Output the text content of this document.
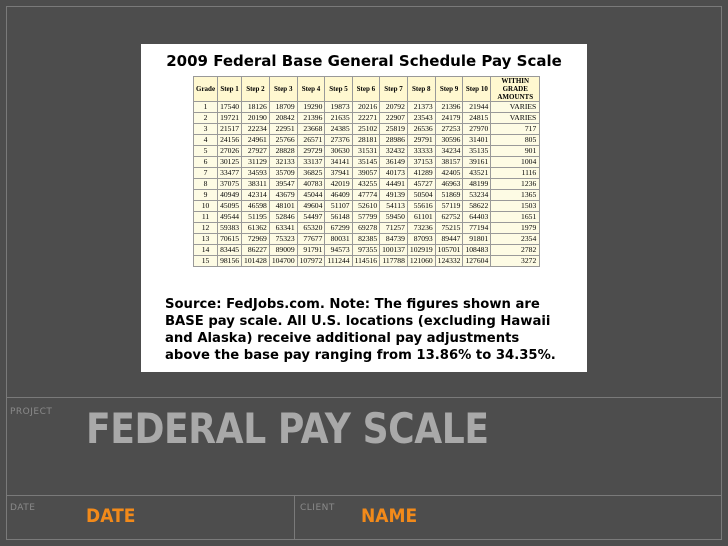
2009 Federal Base General Schedule Pay Scale
Grade	Step 1	Step 2	Step 3	Step 4	Step 5	Step 6	Step 7	Step 8	Step 9	Step 10	WITHIN GRADE AMOUNTS
1	17540	18126	18709	19290	19873	20216	20792	21373	21396	21944	VARIES
2	19721	20190	20842	21396	21635	22271	22907	23543	24179	24815	VARIES
3	21517	22234	22951	23668	24385	25102	25819	26536	27253	27970	717
4	24156	24961	25766	26571	27376	28181	28986	29791	30596	31401	805
5	27026	27927	28828	29729	30630	31531	32432	33333	34234	35135	901
6	30125	31129	32133	33137	34141	35145	36149	37153	38157	39161	1004
7	33477	34593	35709	36825	37941	39057	40173	41289	42405	43521	1116
8	37075	38311	39547	40783	42019	43255	44491	45727	46963	48199	1236
9	40949	42314	43679	45044	46409	47774	49139	50504	51869	53234	1365
10	45095	46598	48101	49604	51107	52610	54113	55616	57119	58622	1503
11	49544	51195	52846	54497	56148	57799	59450	61101	62752	64403	1651
12	59383	61362	63341	65320	67299	69278	71257	73236	75215	77194	1979
13	70615	72969	75323	77677	80031	82385	84739	87093	89447	91801	2354
14	83445	86227	89009	91791	94573	97355	100137	102919	105701	108483	2782
15	98156	101428	104700	107972	111244	114516	117788	121060	124332	127604	3272
Source: FedJobs.com. Note: The figures shown are
BASE pay scale. All U.S. locations (excluding Hawaii
and Alaska) receive additional pay adjustments
above the base pay ranging from 13.86% to 34.35%.
PROJECT FEDERAL PAY SCALE
DATE	DATE	CLIENT NAME
